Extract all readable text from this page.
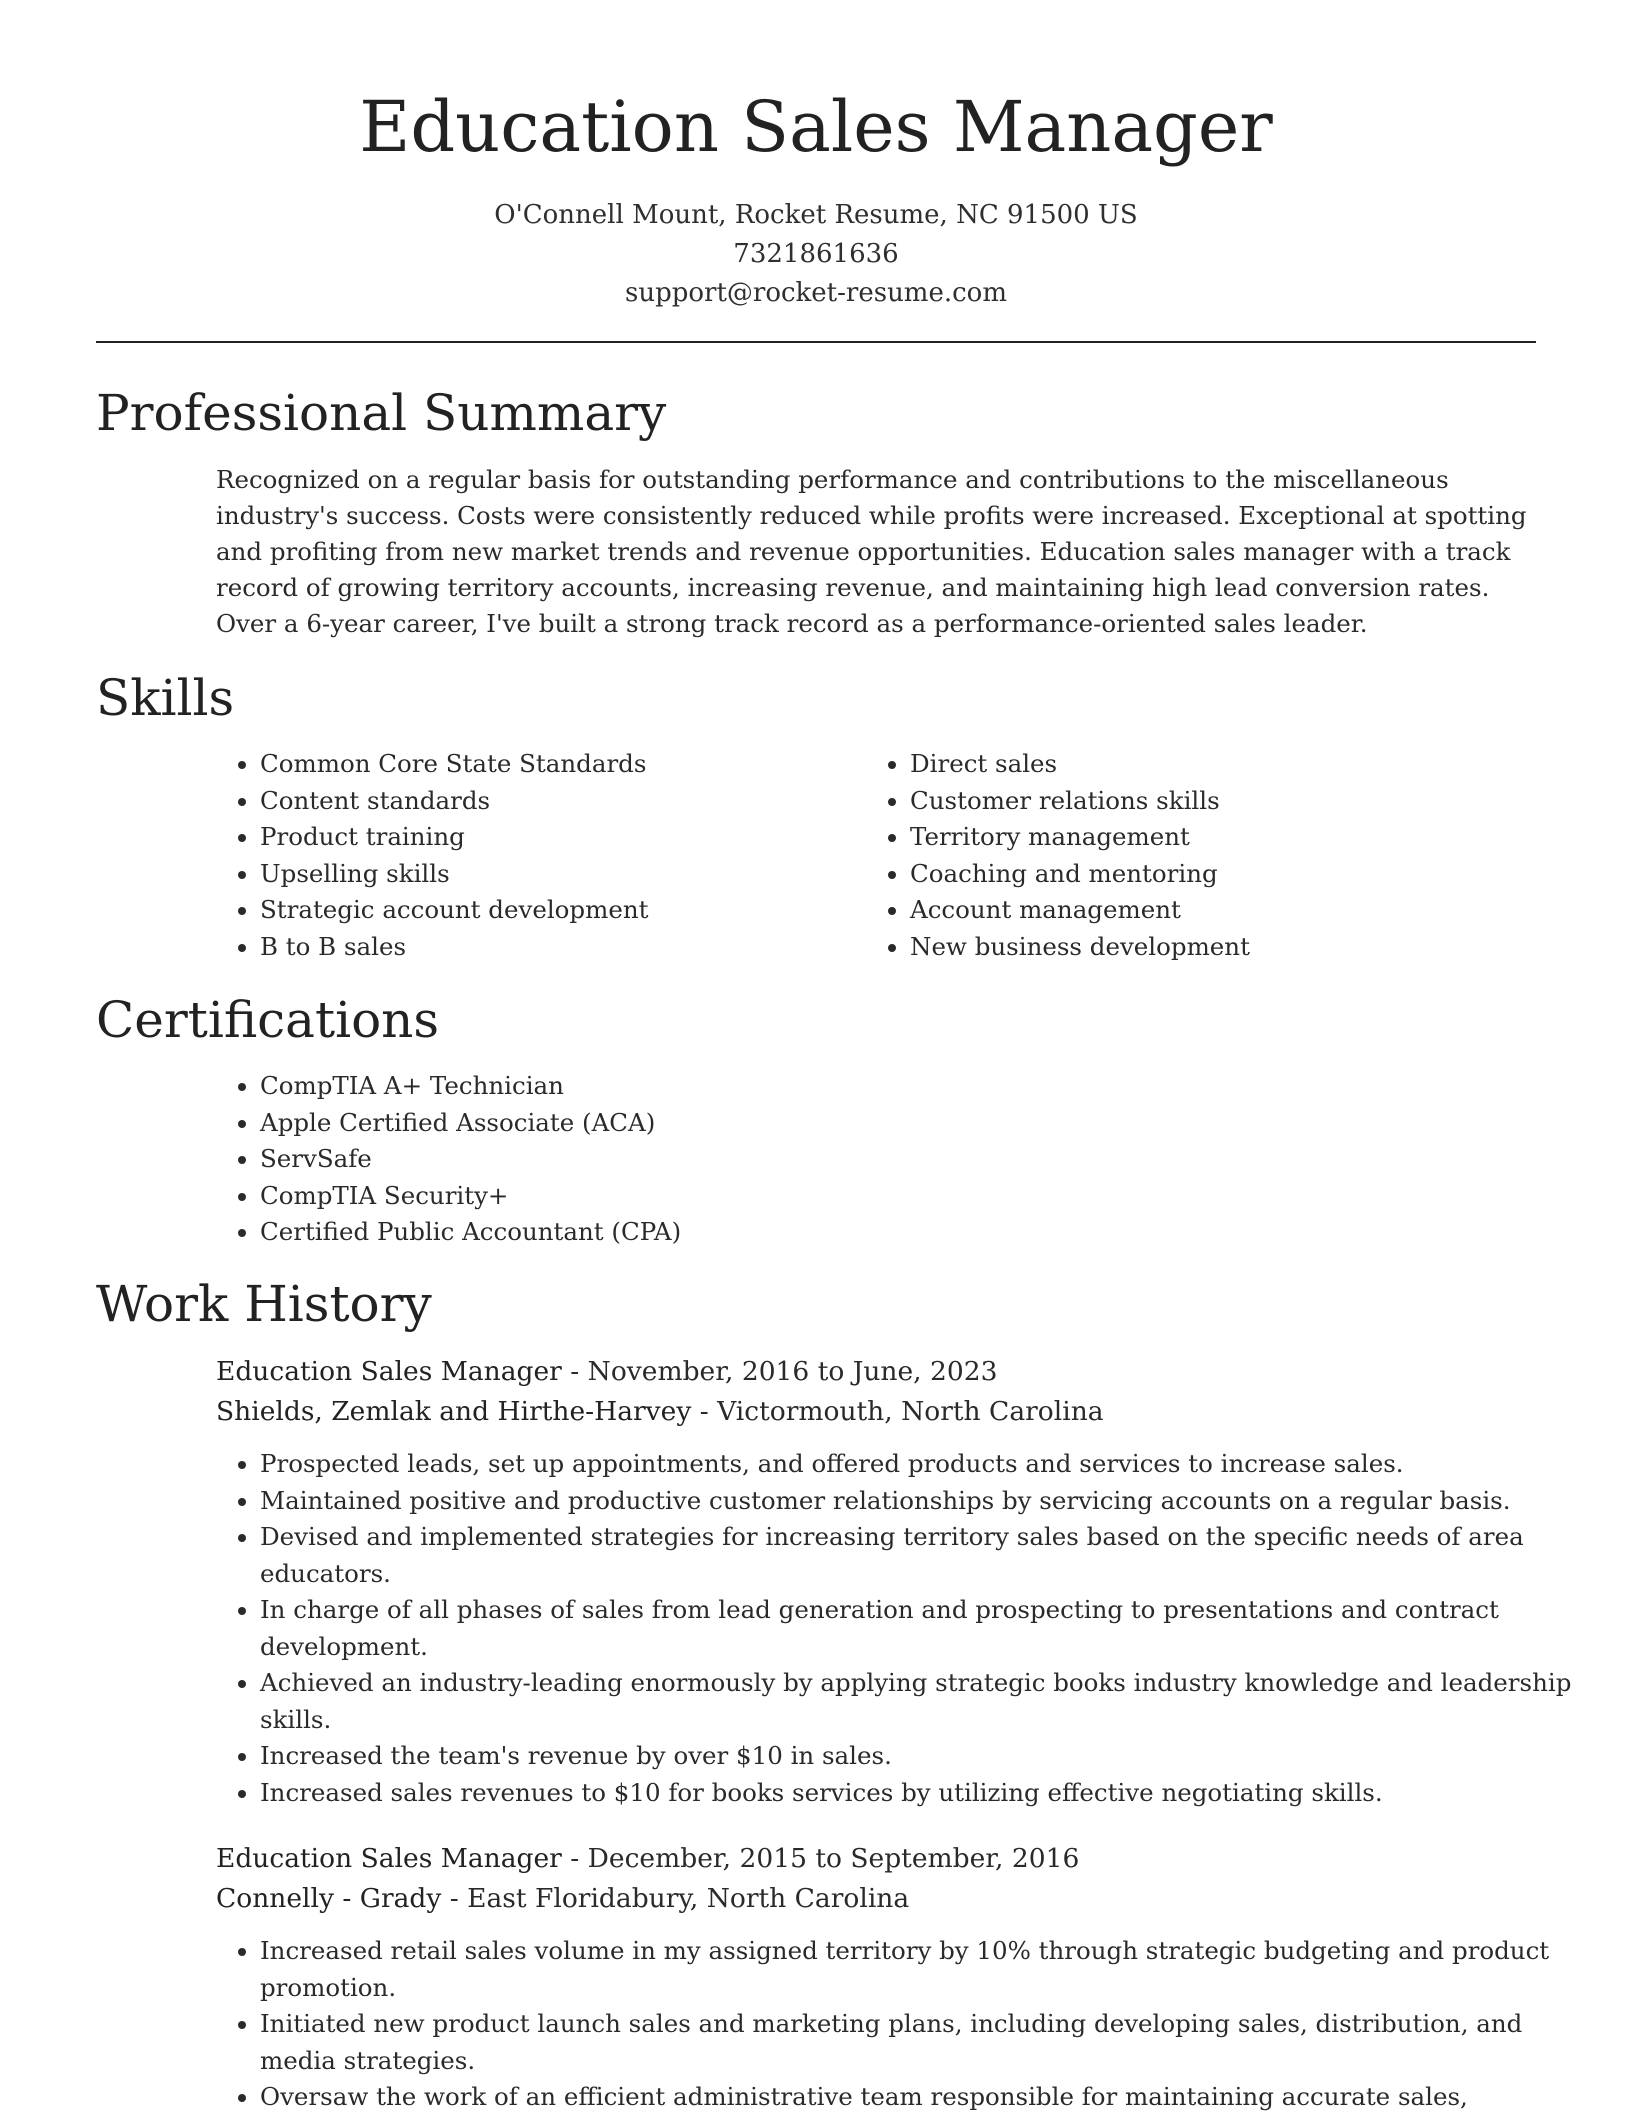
Education Sales Manager

O'Connell Mount, Rocket Resume, NC 91500 US

7321861636

support@rocket-resume.com

Professional Summary

Recognized on a regular basis for outstanding performance and contributions to the miscellaneous industry's success. Costs were consistently reduced while profits were increased. Exceptional at spotting and profiting from new market trends and revenue opportunities. Education sales manager with a track record of growing territory accounts, increasing revenue, and maintaining high lead conversion rates. Over a 6-year career, I've built a strong track record as a performance-oriented sales leader.

Skills
• Common Core State Standards
• Content standards
• Product training
• Upselling skills
• Strategic account development
• B to B sales
• Direct sales
• Customer relations skills
• Territory management
• Coaching and mentoring
• Account management
• New business development
Certifications
• CompTIA A+ Technician
• Apple Certified Associate (ACA)
• ServSafe
• CompTIA Security+
• Certified Public Accountant (CPA)
Work History

Education Sales Manager - November, 2016 to June, 2023

Shields, Zemlak and Hirthe-Harvey - Victormouth, North Carolina

• Prospected leads, set up appointments, and offered products and services to increase sales.
• Maintained positive and productive customer relationships by servicing accounts on a regular basis.
• Devised and implemented strategies for increasing territory sales based on the specific needs of area educators.
• In charge of all phases of sales from lead generation and prospecting to presentations and contract development.
• Achieved an industry-leading enormously by applying strategic books industry knowledge and leadership skills.
• Increased the team's revenue by over $10 in sales.
• Increased sales revenues to $10 for books services by utilizing effective negotiating skills.

Education Sales Manager - December, 2015 to September, 2016

Connelly - Grady - East Floridabury, North Carolina

• Increased retail sales volume in my assigned territory by 10% through strategic budgeting and product promotion.
• Initiated new product launch sales and marketing plans, including developing sales, distribution, and media strategies.
• Oversaw the work of an efficient administrative team responsible for maintaining accurate sales,
